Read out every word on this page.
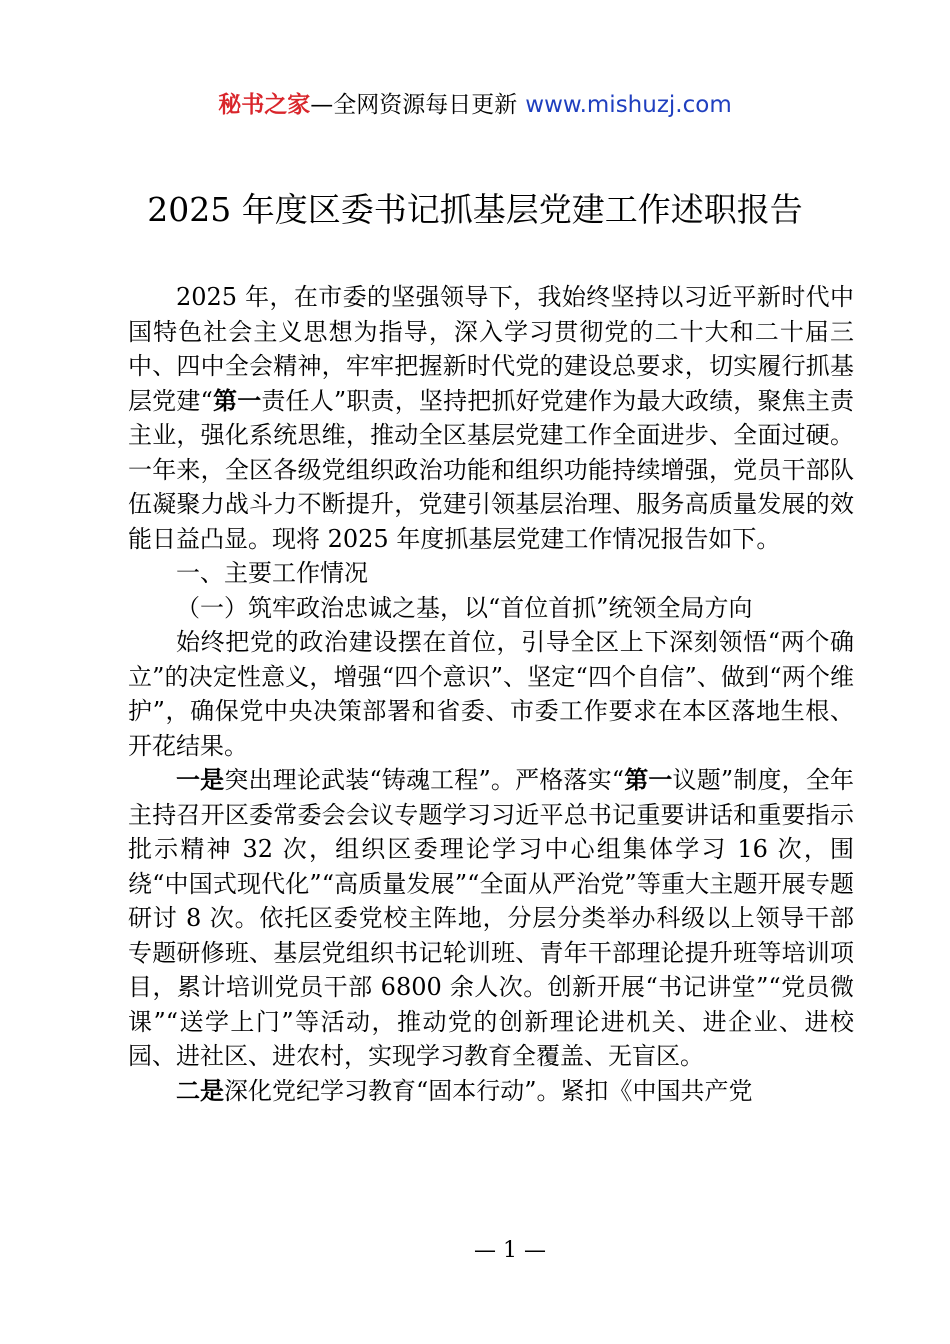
秘书之家—全网资源每日更新 www.mishuzj.com
2025 年度区委书记抓基层党建工作述职报告

2025 年，在市委的坚强领导下，我始终坚持以习近平新时代中国特色社会主义思想为指导，深入学习贯彻党的二十大和二十届三中、四中全会精神，牢牢把握新时代党的建设总要求，切实履行抓基层党建“第一责任人”职责，坚持把抓好党建作为最大政绩，聚焦主责主业，强化系统思维，推动全区基层党建工作全面进步、全面过硬。一年来，全区各级党组织政治功能和组织功能持续增强，党员干部队伍凝聚力战斗力不断提升，党建引领基层治理、服务高质量发展的效能日益凸显。现将 2025 年度抓基层党建工作情况报告如下。

一、主要工作情况

（一）筑牢政治忠诚之基，以“首位首抓”统领全局方向

始终把党的政治建设摆在首位，引导全区上下深刻领悟“两个确立”的决定性意义，增强“四个意识”、坚定“四个自信”、做到“两个维护”，确保党中央决策部署和省委、市委工作要求在本区落地生根、开花结果。

一是突出理论武装“铸魂工程”。严格落实“第一议题”制度，全年主持召开区委常委会会议专题学习习近平总书记重要讲话和重要指示批示精神 32 次，组织区委理论学习中心组集体学习 16 次，围绕“中国式现代化”“高质量发展”“全面从严治党”等重大主题开展专题研讨 8 次。依托区委党校主阵地，分层分类举办科级以上领导干部专题研修班、基层党组织书记轮训班、青年干部理论提升班等培训项目，累计培训党员干部 6800 余人次。创新开展“书记讲堂”“党员微课”“送学上门”等活动，推动党的创新理论进机关、进企业、进校园、进社区、进农村，实现学习教育全覆盖、无盲区。

二是深化党纪学习教育“固本行动”。紧扣《中国共产党

— 1 —
